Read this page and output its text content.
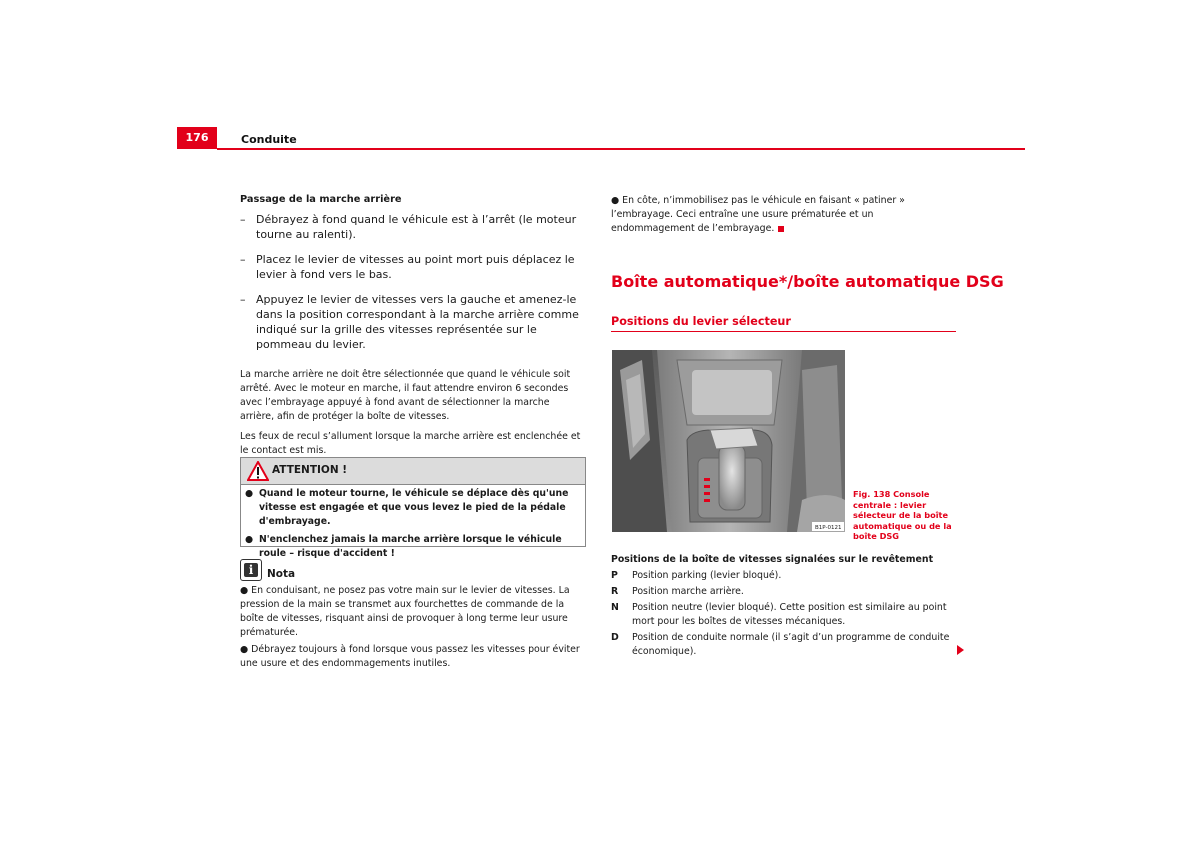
176	Conduite
Passage de la marche arrière
– Débrayez à fond quand le véhicule est à l’arrêt (le moteur tourne au ralenti).
– Placez le levier de vitesses au point mort puis déplacez le levier à fond vers le bas.
– Appuyez le levier de vitesses vers la gauche et amenez-le dans la position correspondant à la marche arrière comme indiqué sur la grille des vitesses représentée sur le pommeau du levier.
La marche arrière ne doit être sélectionnée que quand le véhicule soit arrêté. Avec le moteur en marche, il faut attendre environ 6 secondes avec l’embrayage appuyé à fond avant de sélectionner la marche arrière, afin de protéger la boîte de vitesses.
Les feux de recul s’allument lorsque la marche arrière est enclenchée et le contact est mis.
ATTENTION !
● Quand le moteur tourne, le véhicule se déplace dès qu'une vitesse est engagée et que vous levez le pied de la pédale d'embrayage.
● N'enclenchez jamais la marche arrière lorsque le véhicule roule – risque d'accident !
i	Nota
● En conduisant, ne posez pas votre main sur le levier de vitesses. La pression de la main se transmet aux fourchettes de commande de la boîte de vitesses, risquant ainsi de provoquer à long terme leur usure prématurée.
● Débrayez toujours à fond lorsque vous passez les vitesses pour éviter une usure et des endommagements inutiles.
● En côte, n’immobilisez pas le véhicule en faisant « patiner » l’embrayage. Ceci entraîne une usure prématurée et un endommagement de l’embrayage.
Boîte automatique*/boîte automatique DSG
Positions du levier sélecteur
B1P-0121
Fig. 138 Console centrale : levier sélecteur de la boîte automatique ou de la boîte DSG
Positions de la boîte de vitesses signalées sur le revêtement
P Position parking (levier bloqué).
R Position marche arrière.
N Position neutre (levier bloqué). Cette position est similaire au point mort pour les boîtes de vitesses mécaniques.
D Position de conduite normale (il s’agit d’un programme de conduite économique).
